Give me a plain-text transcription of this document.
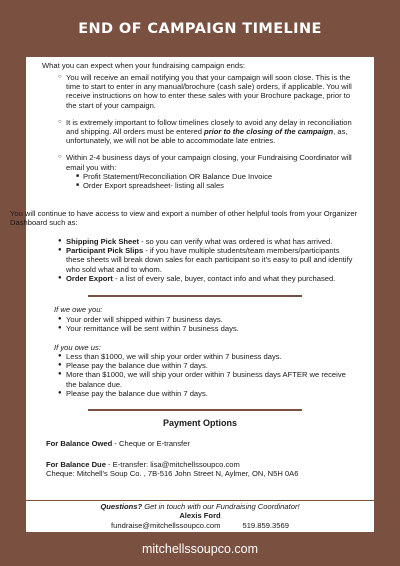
END OF CAMPAIGN TIMELINE

What you can expect when your fundraising campaign ends:

○ You will receive an email notifying you that your campaign will soon close. This is the time to start to enter in any manual/brochure (cash sale) orders, if applicable. You will receive instructions on how to enter these sales with your Brochure package, prior to the start of your campaign.
○ It is extremely important to follow timelines closely to avoid any delay in reconciliation and shipping. All orders must be entered prior to the closing of the campaign, as, unfortunately, we will not be able to accommodate late entries.
○ Within 2-4 business days of your campaign closing, your Fundraising Coordinator will email you with:
■ Profit Statement/Reconciliation OR Balance Due Invoice
■ Order Export spreadsheet- listing all sales

You will continue to have access to view and export a number of other helpful tools from your Organizer Dashboard such as:

● Shipping Pick Sheet - so you can verify what was ordered is what has arrived.
● Participant Pick Slips - if you have multiple students/team members/participants these sheets will break down sales for each participant so it's easy to pull and identify who sold what and to whom.
● Order Export - a list of every sale, buyer, contact info and what they purchased.

If we owe you:

● Your order will shipped within 7 business days.
● Your remittance will be sent within 7 business days.

If you owe us:

● Less than $1000, we will ship your order within 7 business days.
● Please pay the balance due within 7 days.
● More than $1000, we will ship your order within 7 business days AFTER we receive the balance due.
● Please pay the balance due within 7 days.

Payment Options

For Balance Owed - Cheque or E-transfer

For Balance Due - E-transfer: lisa@mitchellssoupco.com

Cheque: Mitchell's Soup Co. , 7B-516 John Street N, Aylmer, ON, N5H 0A6

Questions? Get in touch with our Fundraising Coordinator!

Alexis Ford

fundraise@mitchellssoupco.com	519.859.3569

mitchellssoupco.com
